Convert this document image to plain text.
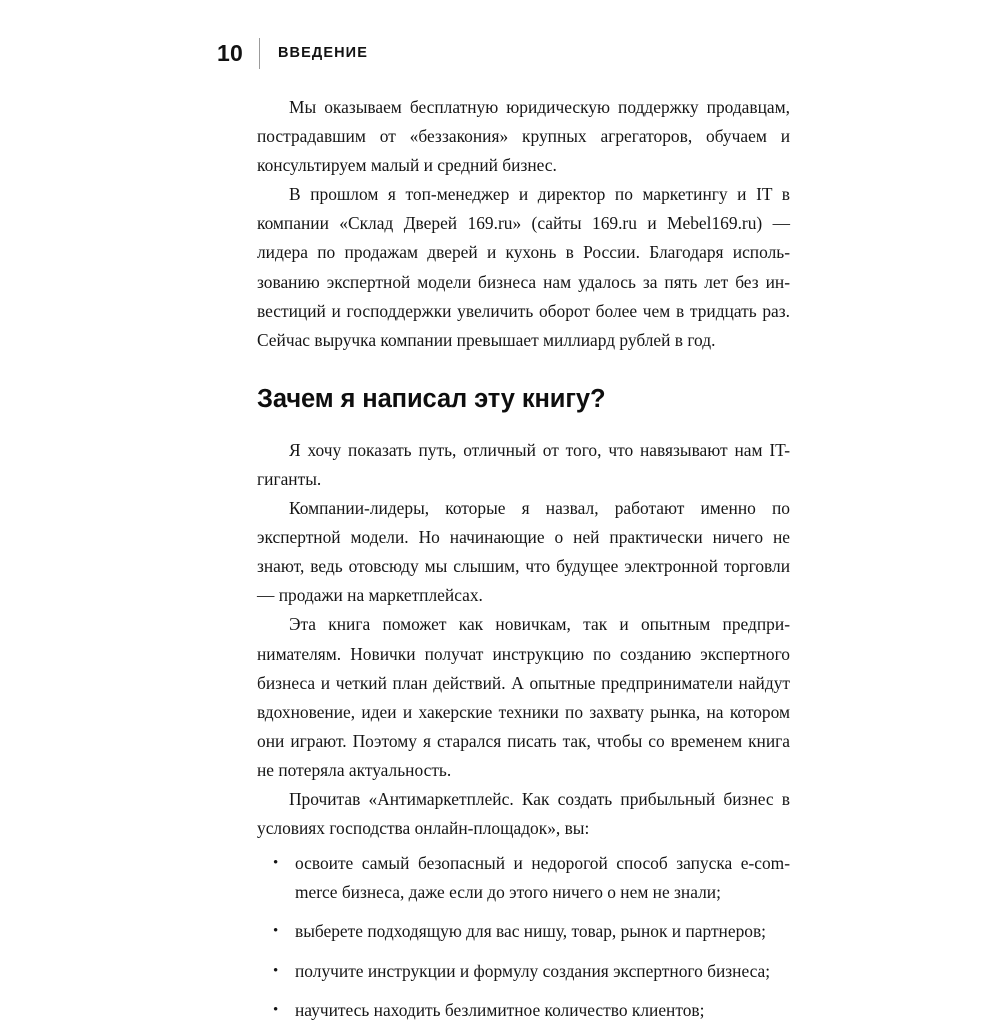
10 ВВЕДЕНИЕ

Мы оказываем бесплатную юридическую поддержку продавцам, пострадавшим от «беззакония» крупных агрегаторов, обучаем и консультируем малый и средний бизнес.

В прошлом я топ-менеджер и директор по маркетингу и IT в компании «Склад Дверей 169.ru» (сайты 169.ru и Mebel169.ru) — лидера по продажам дверей и кухонь в России. Благодаря использованию экспертной модели бизнеса нам удалось за пять лет без инвестиций и господдержки увеличить оборот более чем в тридцать раз. Сейчас выручка компании превышает миллиард рублей в год.

Зачем я написал эту книгу?

Я хочу показать путь, отличный от того, что навязывают нам IT-гиганты.

Компании-лидеры, которые я назвал, работают именно по экспертной модели. Но начинающие о ней практически ничего не знают, ведь отовсюду мы слышим, что будущее электронной торговли — продажи на маркетплейсах.

Эта книга поможет как новичкам, так и опытным предпринимателям. Новички получат инструкцию по созданию экспертного бизнеса и четкий план действий. А опытные предприниматели найдут вдохновение, идеи и хакерские техники по захвату рынка, на котором они играют. Поэтому я старался писать так, чтобы со временем книга не потеряла актуальность.

Прочитав «Антимаркетплейс. Как создать прибыльный бизнес в условиях господства онлайн-площадок», вы:

• освоите самый безопасный и недорогой способ запуска e-commerce бизнеса, даже если до этого ничего о нем не знали;
• выберете подходящую для вас нишу, товар, рынок и партнеров;
• получите инструкции и формулу создания экспертного бизнеса;
• научитесь находить безлимитное количество клиентов;
